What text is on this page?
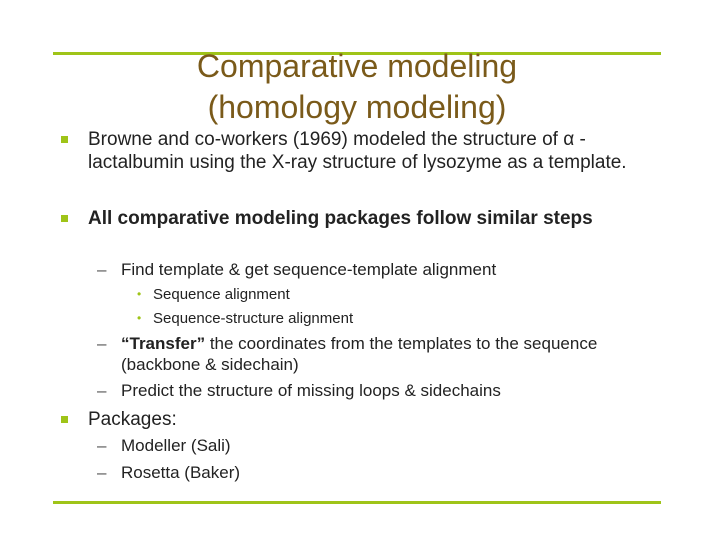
Comparative modeling
(homology modeling)
Browne and co-workers (1969) modeled the structure of α -lactalbumin using the X-ray structure of lysozyme as a template.
All comparative modeling packages follow similar steps
– Find template & get sequence-template alignment
• Sequence alignment
• Sequence-structure alignment
– “Transfer” the coordinates from the templates to the sequence (backbone & sidechain)
– Predict the structure of missing loops & sidechains
Packages:
– Modeller (Sali)
– Rosetta (Baker)
